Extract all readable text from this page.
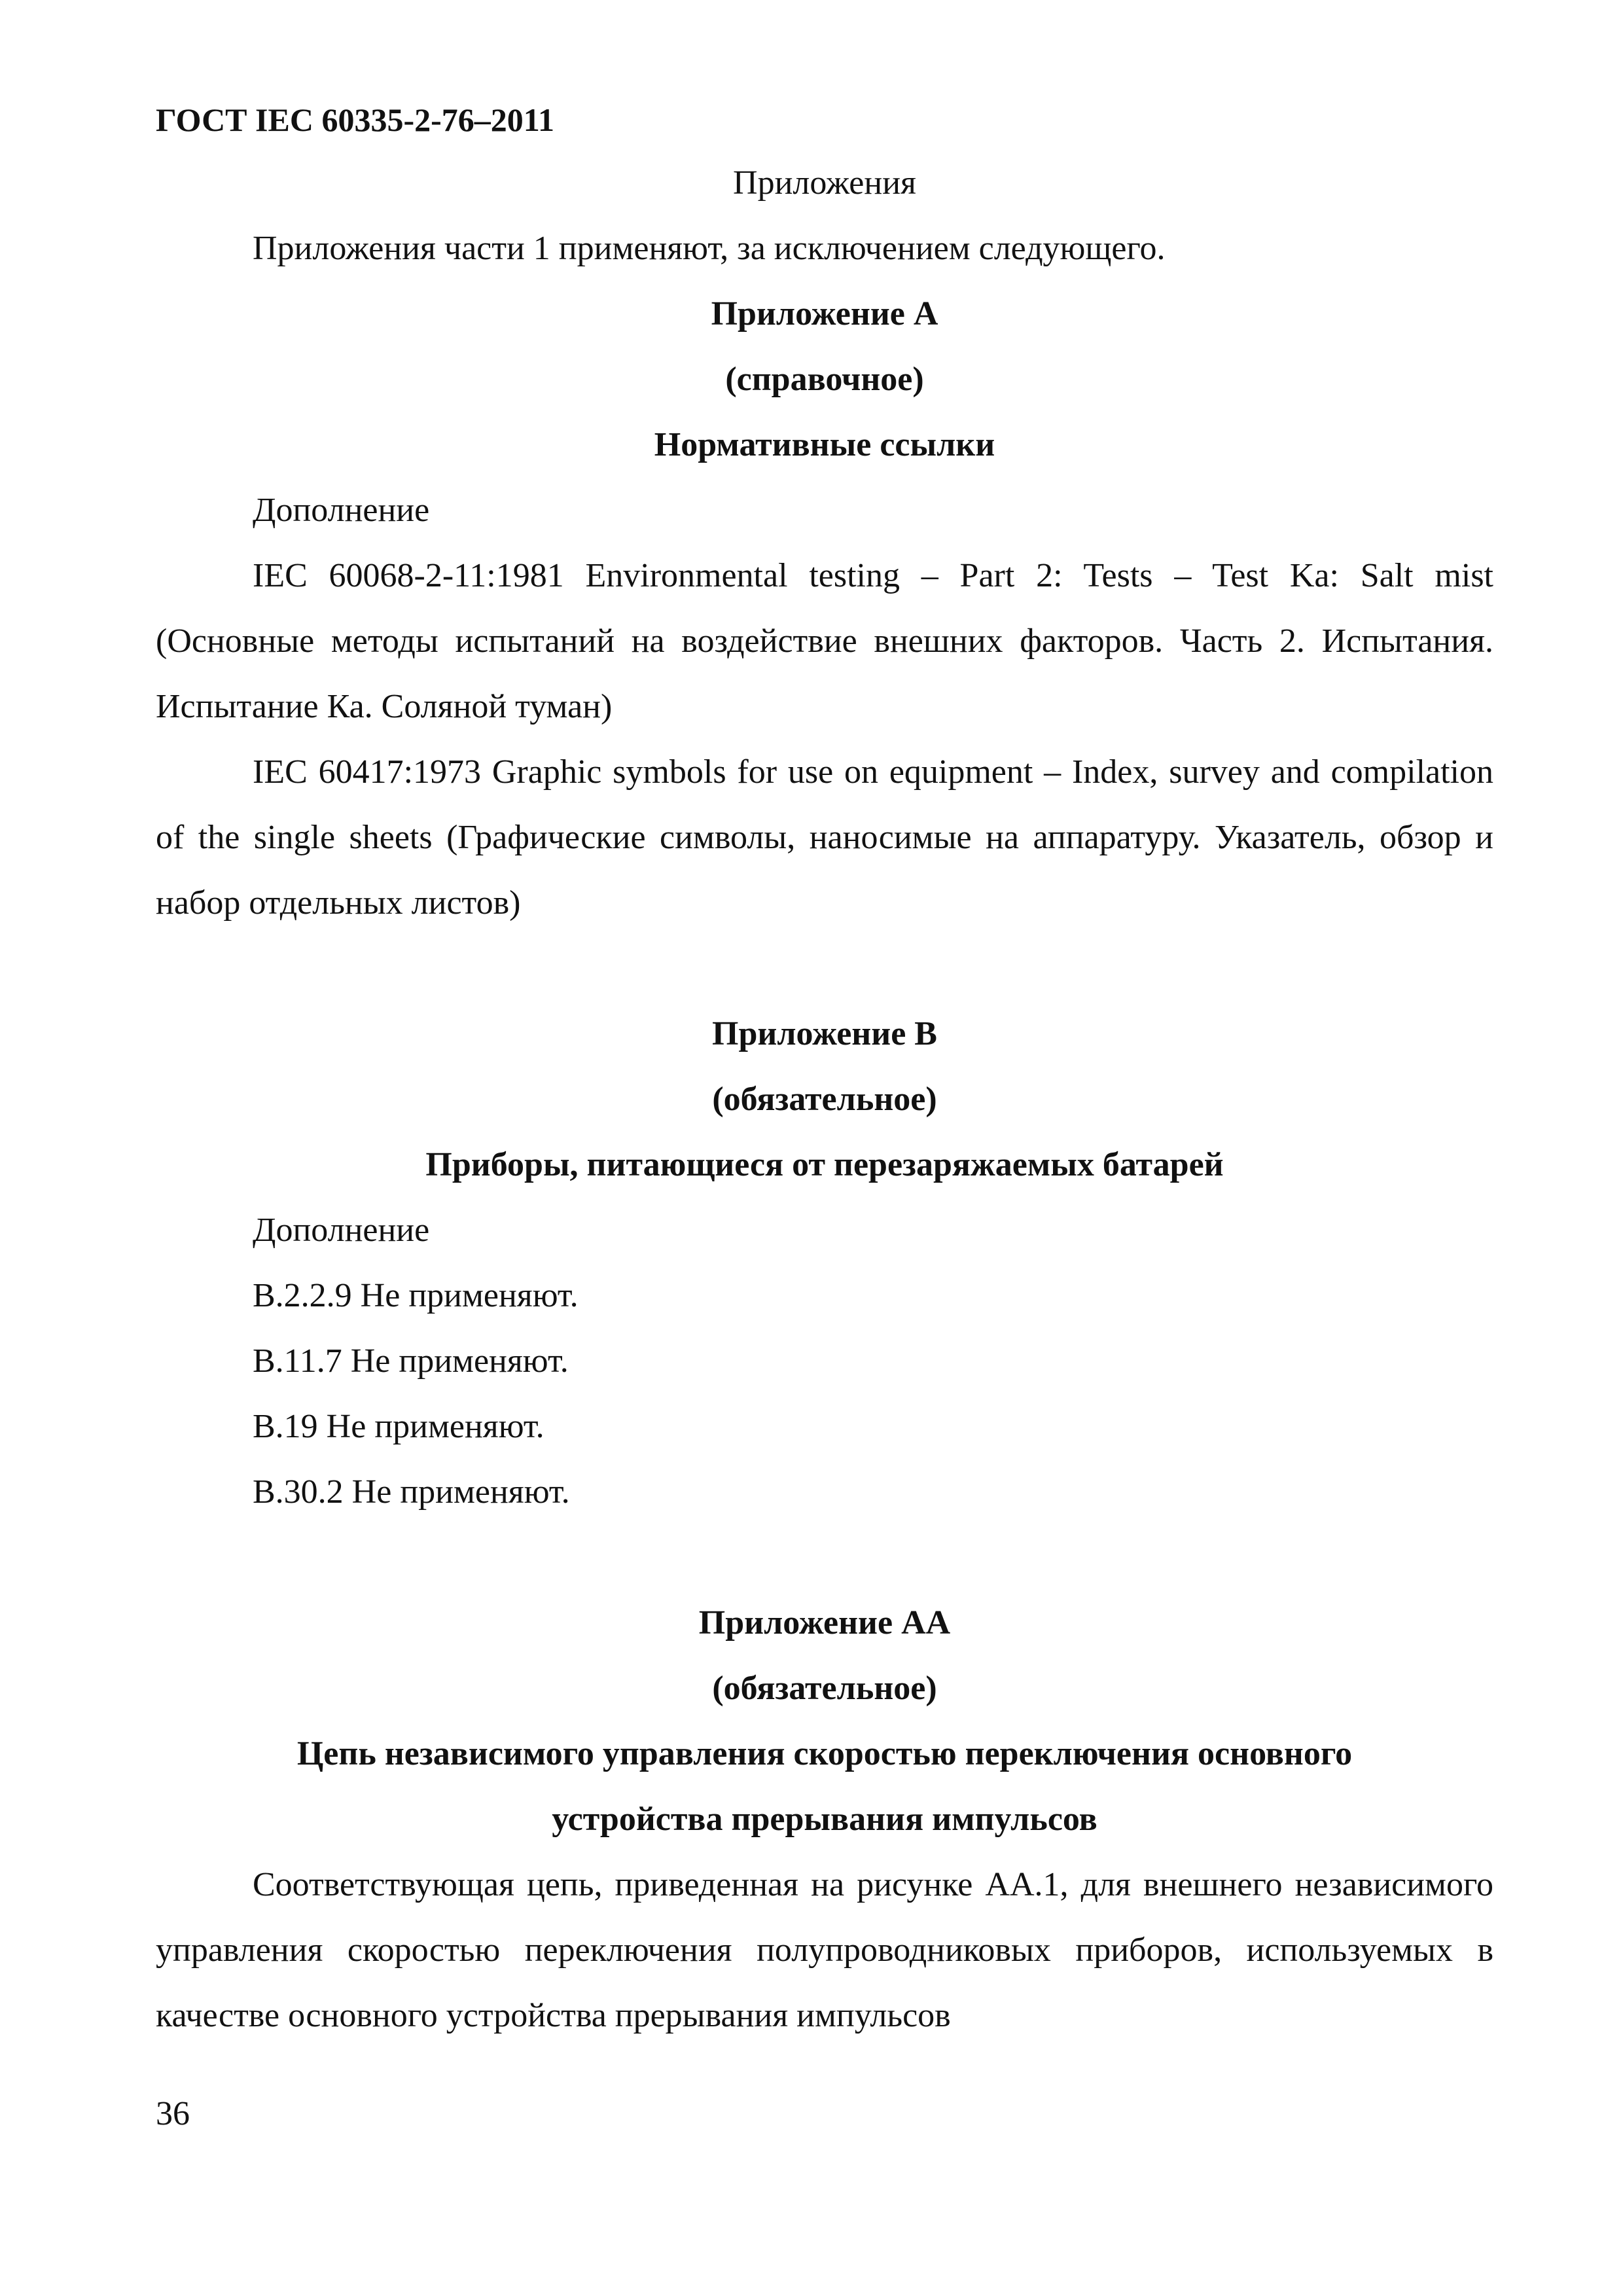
ГОСТ IEC 60335-2-76–2011
Приложения
Приложения части 1 применяют, за исключением следующего.
Приложение А
(справочное)
Нормативные ссылки
Дополнение
IEC 60068-2-11:1981 Environmental testing – Part 2: Tests – Test Ka: Salt mist (Основные методы испытаний на воздействие внешних факторов. Часть 2. Испытания. Испытание Ка. Соляной туман)
IEC 60417:1973 Graphic symbols for use on equipment – Index, survey and compilation of the single sheets (Графические символы, наносимые на аппаратуру. Указатель, обзор и набор отдельных листов)
Приложение В
(обязательное)
Приборы, питающиеся от перезаряжаемых батарей
Дополнение
В.2.2.9 Не применяют.
В.11.7 Не применяют.
В.19 Не применяют.
В.30.2 Не применяют.
Приложение АА
(обязательное)
Цепь независимого управления скоростью переключения основного
устройства прерывания импульсов
Соответствующая цепь, приведенная на рисунке АА.1, для внешнего независимого управления скоростью переключения полупроводниковых приборов, используемых в качестве основного устройства прерывания импульсов
36
